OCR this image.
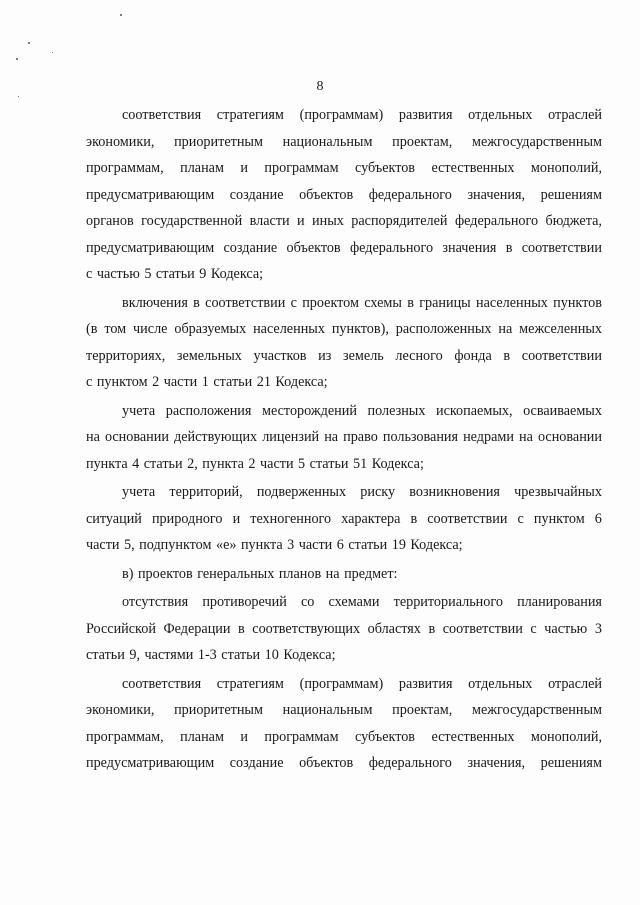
8
соответствия стратегиям (программам) развития отдельных отраслей
экономики, приоритетным национальным проектам, межгосударственным
программам, планам и программам субъектов естественных монополий,
предусматривающим создание объектов федерального значения, решениям
органов государственной власти и иных распорядителей федерального бюджета,
предусматривающим создание объектов федерального значения в соответствии
с частью 5 статьи 9 Кодекса;
включения в соответствии с проектом схемы в границы населенных пунктов
(в том числе образуемых населенных пунктов), расположенных на межселенных
территориях, земельных участков из земель лесного фонда в соответствии
с пунктом 2 части 1 статьи 21 Кодекса;
учета расположения месторождений полезных ископаемых, осваиваемых
на основании действующих лицензий на право пользования недрами на основании
пункта 4 статьи 2, пункта 2 части 5 статьи 51 Кодекса;
учета территорий, подверженных риску возникновения чрезвычайных
ситуаций природного и техногенного характера в соответствии с пунктом 6
части 5, подпунктом «е» пункта 3 части 6 статьи 19 Кодекса;
в) проектов генеральных планов на предмет:
отсутствия противоречий со схемами территориального планирования
Российской Федерации в соответствующих областях в соответствии с частью 3
статьи 9, частями 1-3 статьи 10 Кодекса;
соответствия стратегиям (программам) развития отдельных отраслей
экономики, приоритетным национальным проектам, межгосударственным
программам, планам и программам субъектов естественных монополий,
предусматривающим создание объектов федерального значения, решениям
